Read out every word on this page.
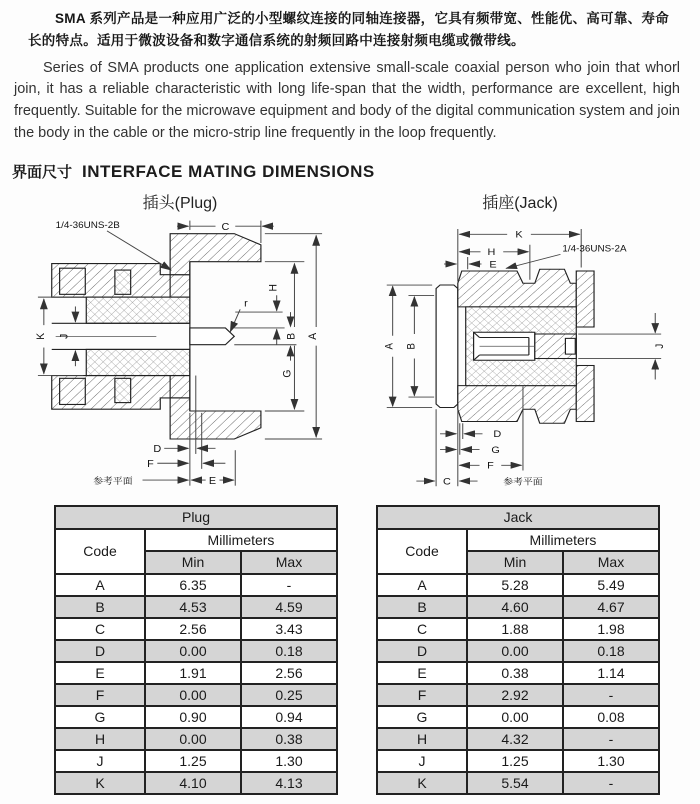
SMA 系列产品是一种应用广泛的小型螺纹连接的同轴连接器，它具有频带宽、性能优、高可靠、寿命长的特点。适用于微波设备和数字通信系统的射频回路中连接射频电缆或微带线。

Series of SMA products one application extensive small-scale coaxial person who join that whorl join, it has a reliable characteristic with long life-span that the width, performance are excellent, high frequently. Suitable for the microwave equipment and body of the digital communication system and join the body in the cable or the micro-strip line frequently in the loop frequently.

界面尺寸 INTERFACE MATING DIMENSIONS
插头(Plug)
1/4-36UNS-2B	C
A
B
H
G
K J
D
F
E
r
参考平面
插座(Jack)
K
H
E
1/4-36UNS-2A
A B	J
D
G
F
C	参考平面
Plug		
Code	Millimeters	
	Min	Max
A	6.35	-
B	4.53	4.59
C	2.56	3.43
D	0.00	0.18
E	1.91	2.56
F	0.00	0.25
G	0.90	0.94
H	0.00	0.38
J	1.25	1.30
K	4.10	4.13
Jack		
Code	Millimeters	
	Min	Max
A	5.28	5.49
B	4.60	4.67
C	1.88	1.98
D	0.00	0.18
E	0.38	1.14
F	2.92	-
G	0.00	0.08
H	4.32	-
J	1.25	1.30
K	5.54	-
